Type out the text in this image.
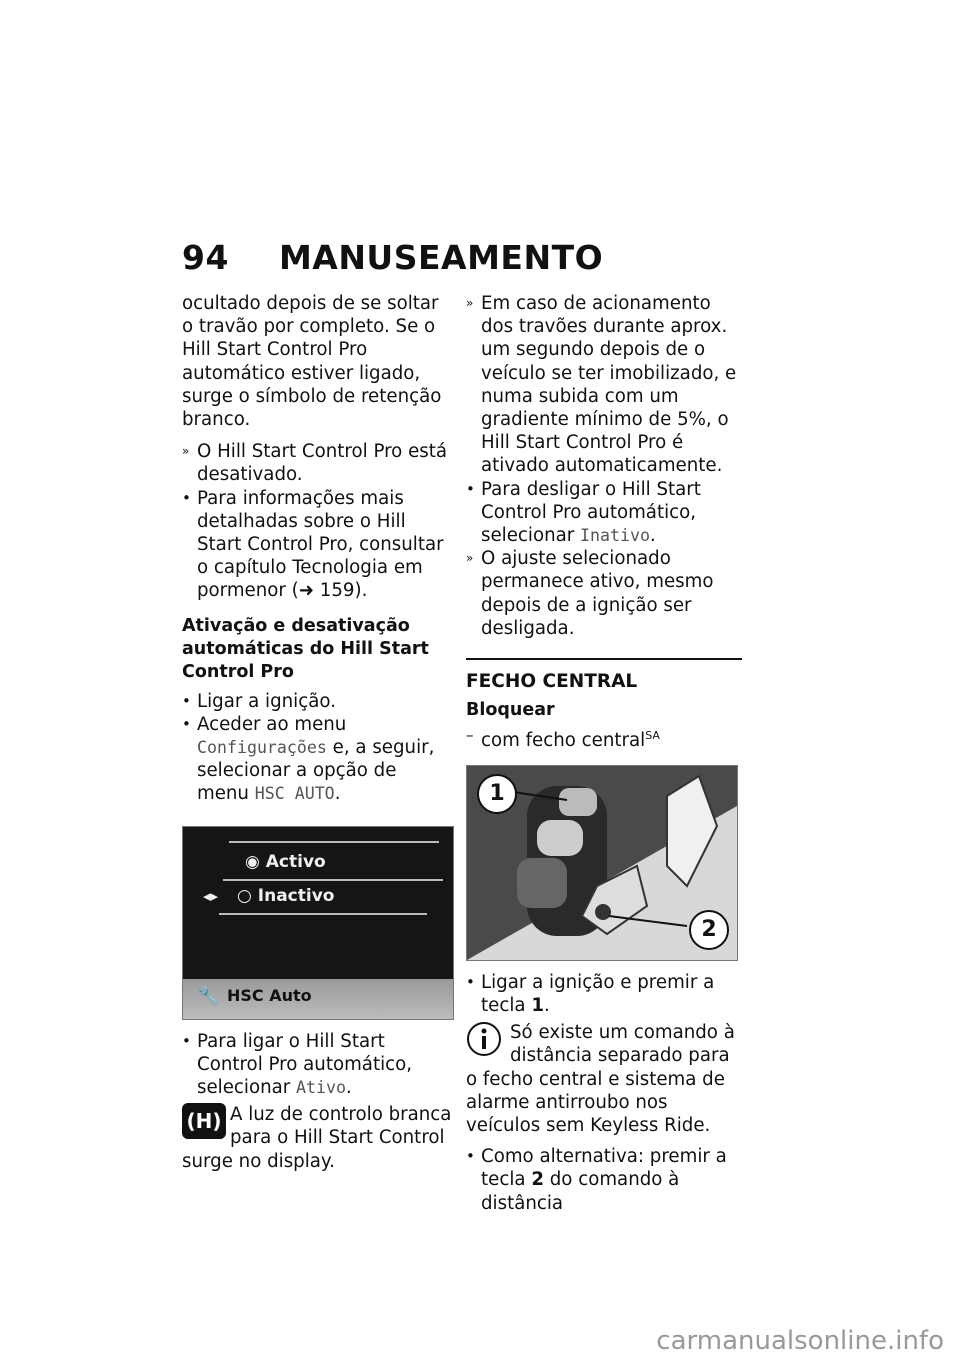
94 MANUSEAMENTO

ocultado depois de se soltar o travão por completo. Se o Hill Start Control Pro automático estiver ligado, surge o símbolo de retenção branco.

» O Hill Start Control Pro está desativado.
• Para informações mais detalhadas sobre o Hill Start Control Pro, consultar o capítulo Tecnologia em pormenor (➜ 159).
Ativação e desativação automáticas do Hill Start Control Pro
• Ligar a ignição.
• Aceder ao menu Configurações e, a seguir, selecionar a opção de menu HSC AUTO.
◉ Activo
◂▸ ○ Inactivo
🔧 HSC Auto
• Para ligar o Hill Start Control Pro automático, selecionar Ativo.
(H) A luz de controlo branca para o Hill Start Control surge no display.
» Em caso de acionamento dos travões durante aprox. um segundo depois de o veículo se ter imobilizado, e numa subida com um gradiente mínimo de 5%, o Hill Start Control Pro é ativado automaticamente.
• Para desligar o Hill Start Control Pro automático, selecionar Inativo.
» O ajuste selecionado permanece ativo, mesmo depois de a ignição ser desligada.
FECHO CENTRAL
Bloquear
– com fecho central$^{SA}$
1
2
• Ligar a ignição e premir a tecla 1.
Só existe um comando à distância separado para o fecho central e sistema de alarme antirroubo nos veículos sem Keyless Ride.
• Como alternativa: premir a tecla 2 do comando à distância
carmanualsonline.info
